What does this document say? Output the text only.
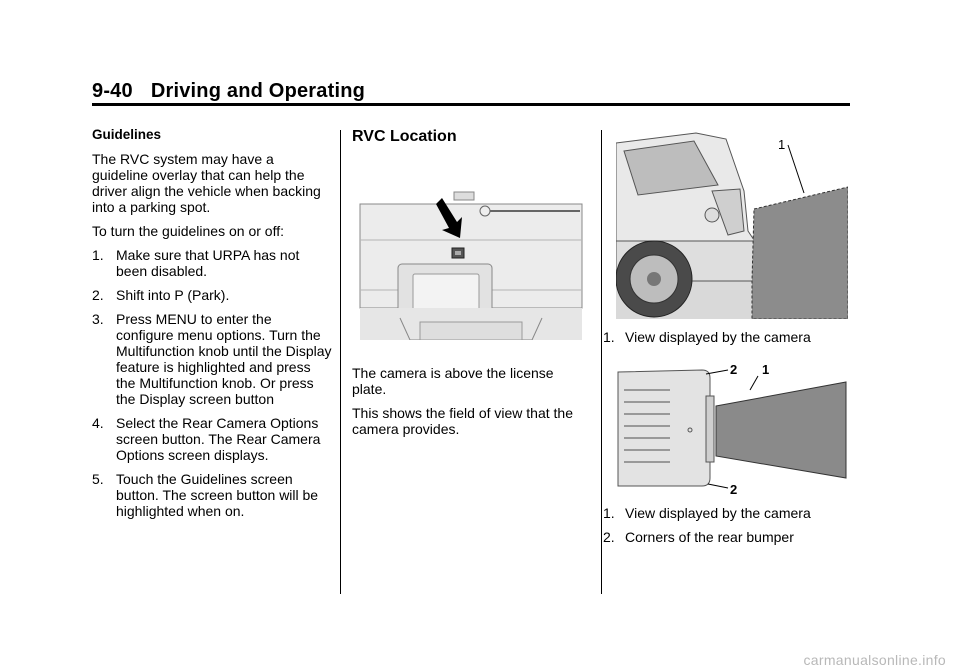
9-40 Driving and Operating

Guidelines

The RVC system may have a guideline overlay that can help the driver align the vehicle when backing into a parking spot.

To turn the guidelines on or off:

1. Make sure that URPA has not been disabled.
2. Shift into P (Park).
3. Press MENU to enter the configure menu options. Turn the Multifunction knob until the Display feature is highlighted and press the Multifunction knob. Or press the Display screen button
4. Select the Rear Camera Options screen button. The Rear Camera Options screen displays.
5. Touch the Guidelines screen button. The screen button will be highlighted when on.

RVC Location

The camera is above the license plate.

This shows the field of view that the camera provides.

1
1. View displayed by the camera
2 1
2
1. View displayed by the camera
2. Corners of the rear bumper
carmanualsonline.info
